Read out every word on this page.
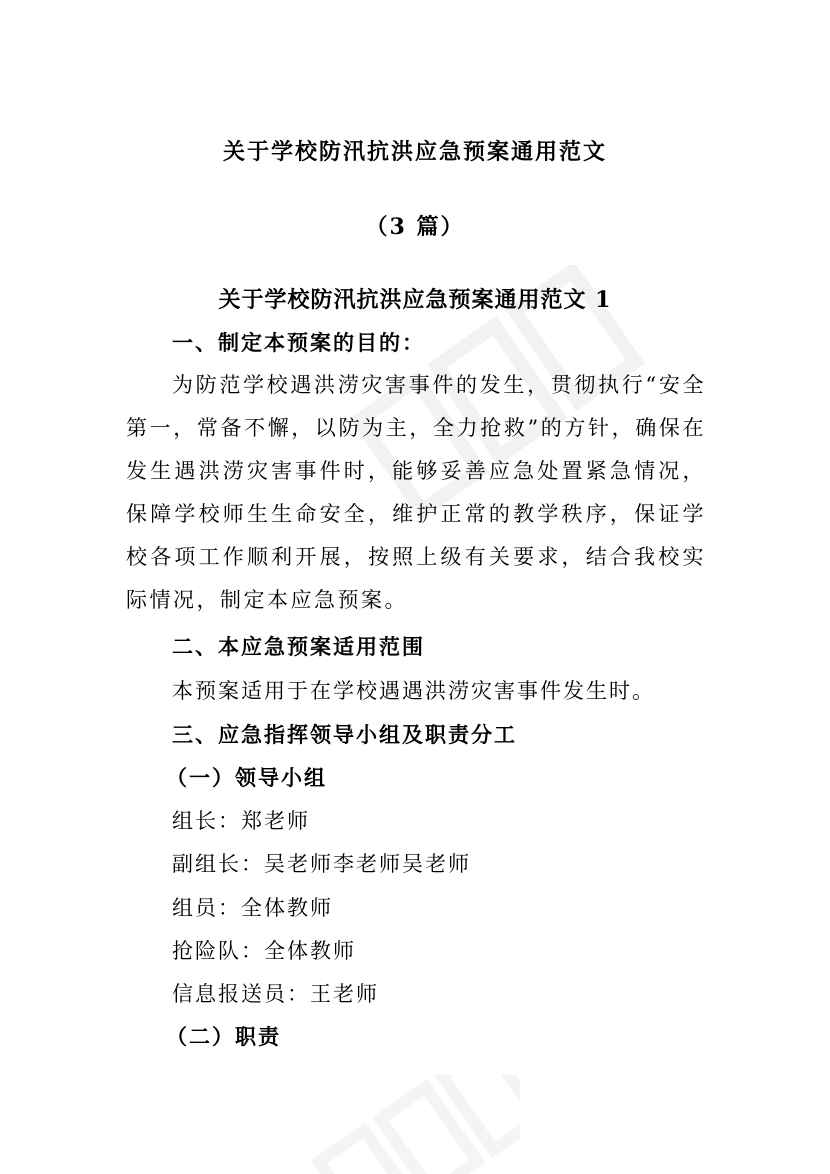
关于学校防汛抗洪应急预案通用范文
（3 篇）
关于学校防汛抗洪应急预案通用范文 1
一、制定本预案的目的：
为防范学校遇洪涝灾害事件的发生，贯彻执行“安全第一，常备不懈，以防为主，全力抢救”的方针，确保在发生遇洪涝灾害事件时，能够妥善应急处置紧急情况，保障学校师生生命安全，维护正常的教学秩序，保证学校各项工作顺利开展，按照上级有关要求，结合我校实际情况，制定本应急预案。
二、本应急预案适用范围
本预案适用于在学校遇遇洪涝灾害事件发生时。
三、应急指挥领导小组及职责分工
（一）领导小组
组长：郑老师
副组长：吴老师李老师吴老师
组员：全体教师
抢险队：全体教师
信息报送员：王老师
（二）职责
